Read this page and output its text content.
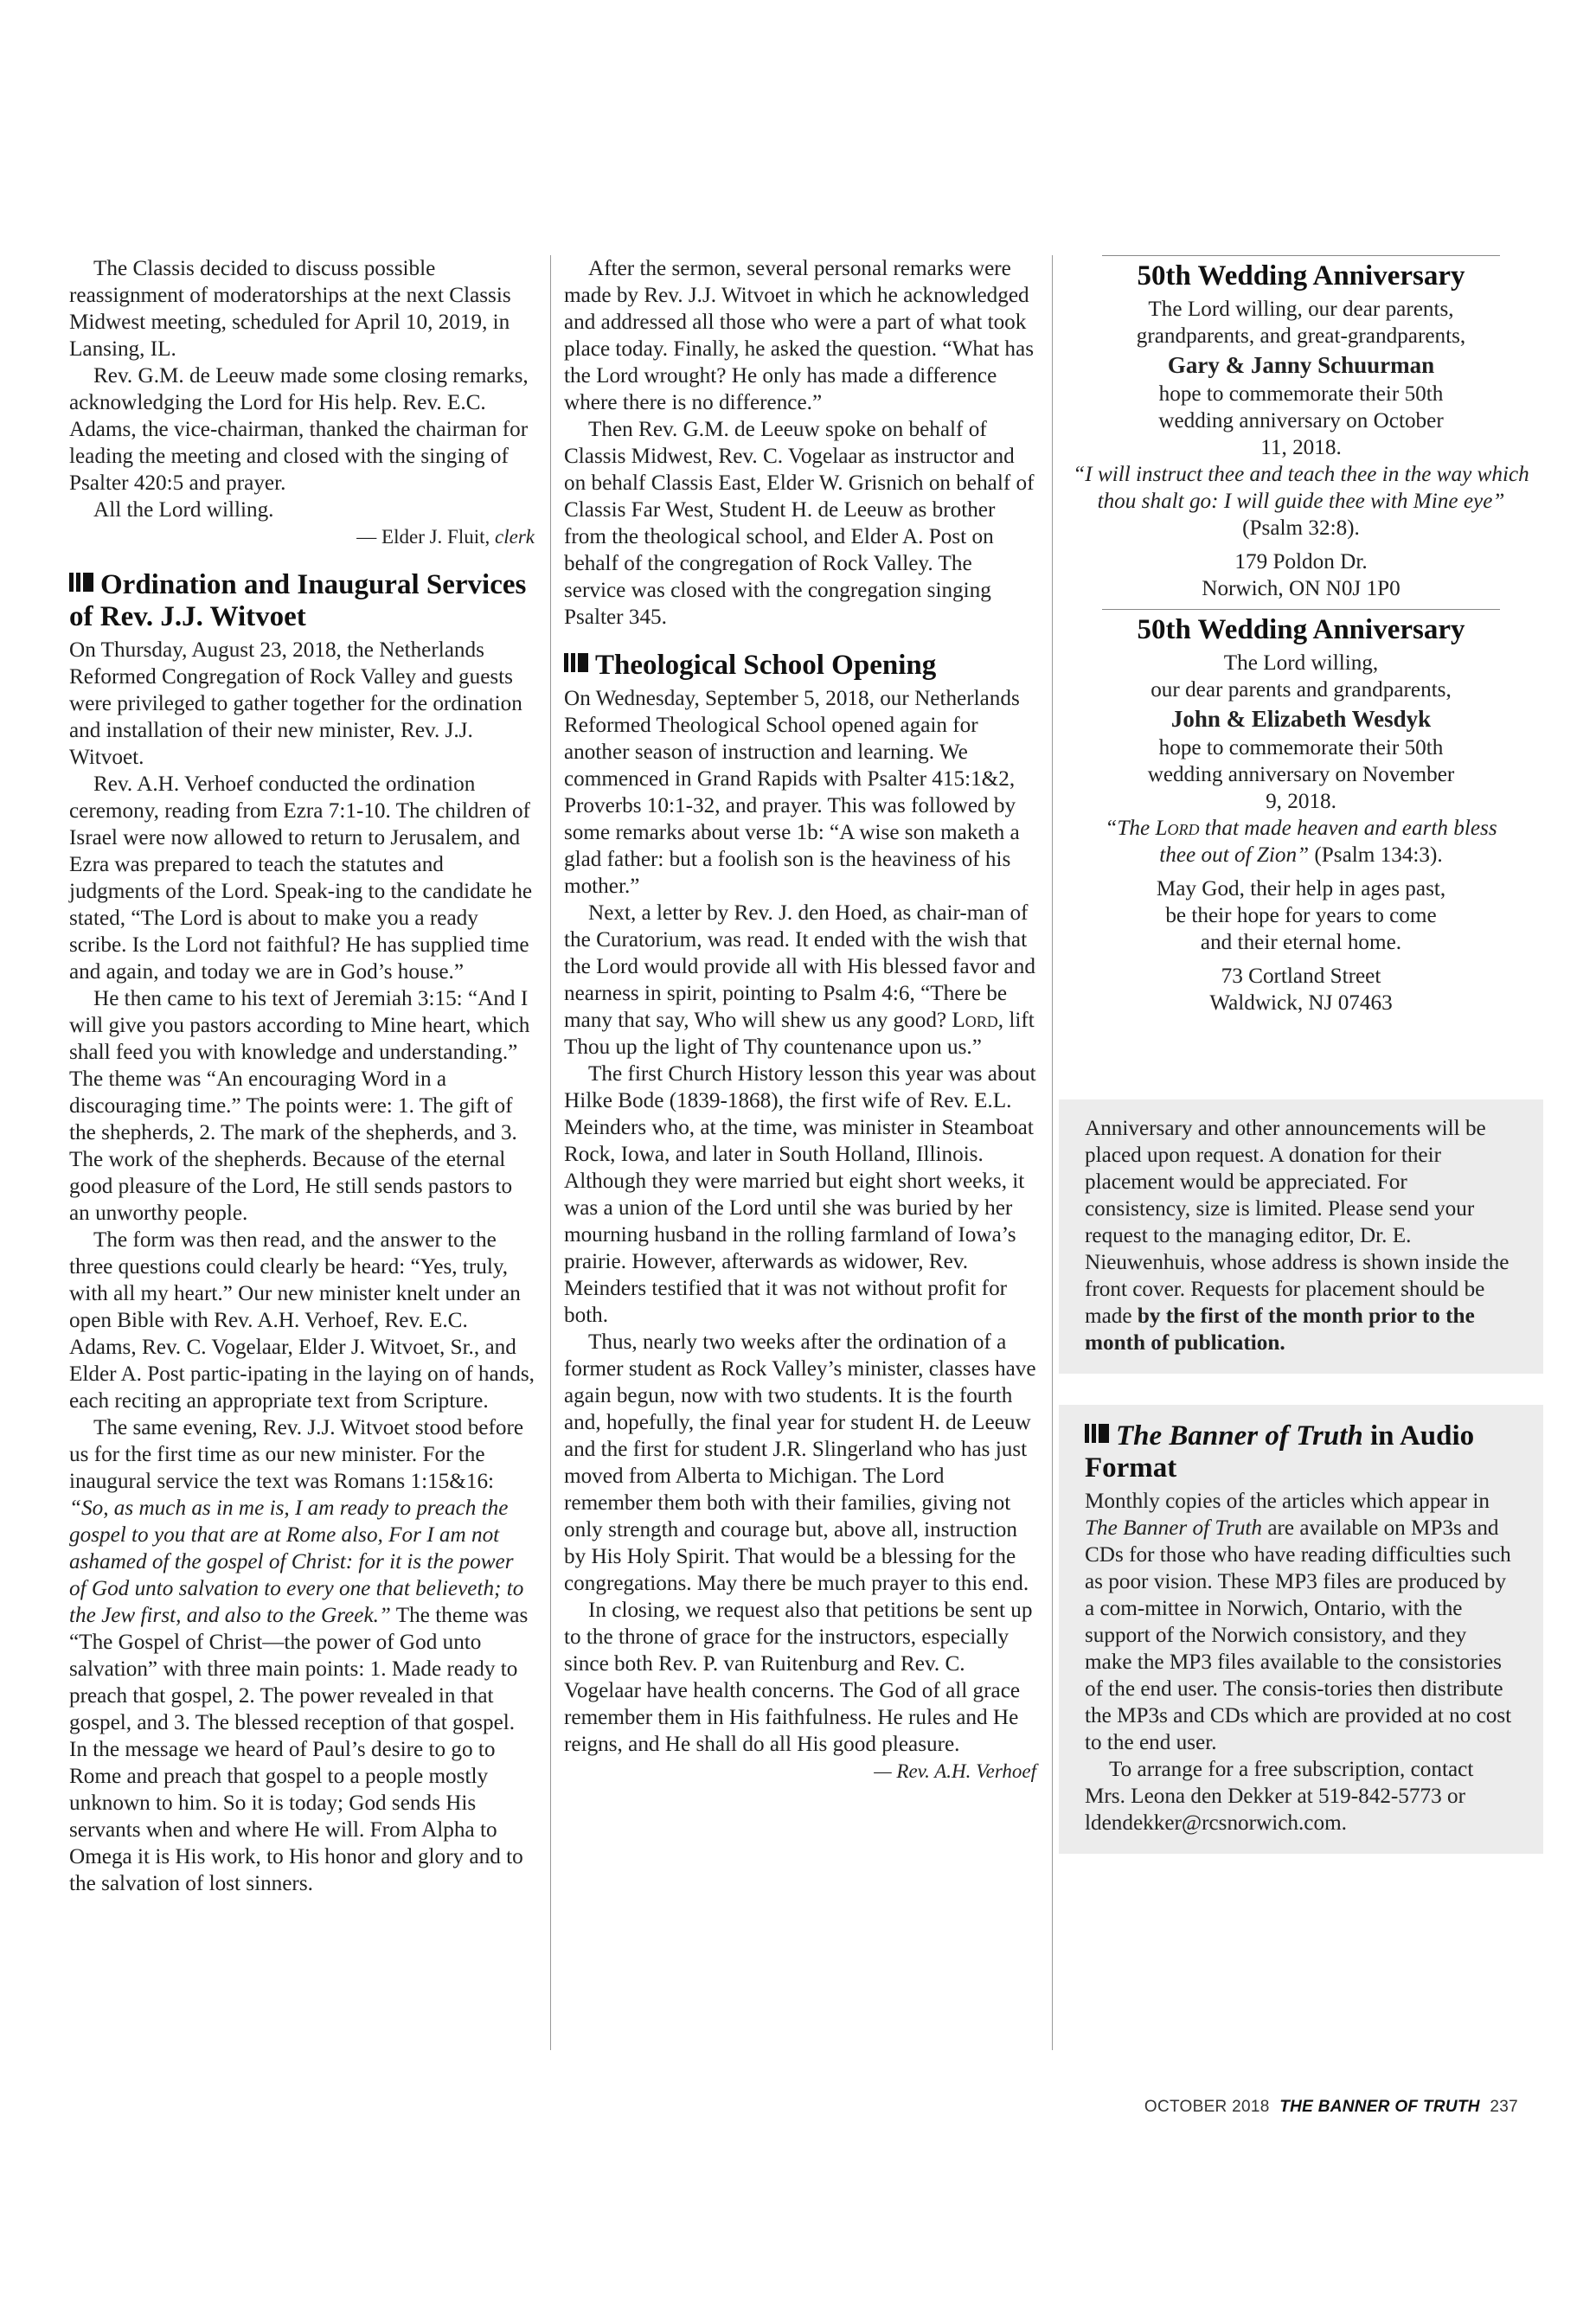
The Classis decided to discuss possible reassignment of moderatorships at the next Classis Midwest meeting, scheduled for April 10, 2019, in Lansing, IL.

Rev. G.M. de Leeuw made some closing remarks, acknowledging the Lord for His help. Rev. E.C. Adams, the vice-chairman, thanked the chairman for leading the meeting and closed with the singing of Psalter 420:5 and prayer.

All the Lord willing.

— Elder J. Fluit, clerk

Ordination and Inaugural Services of Rev. J.J. Witvoet

On Thursday, August 23, 2018, the Netherlands Reformed Congregation of Rock Valley and guests were privileged to gather together for the ordination and installation of their new minister, Rev. J.J. Witvoet.

Rev. A.H. Verhoef conducted the ordination ceremony, reading from Ezra 7:1-10. The children of Israel were now allowed to return to Jerusalem, and Ezra was prepared to teach the statutes and judgments of the Lord. Speak-ing to the candidate he stated, “The Lord is about to make you a ready scribe. Is the Lord not faithful? He has supplied time and again, and today we are in God’s house.”

He then came to his text of Jeremiah 3:15: “And I will give you pastors according to Mine heart, which shall feed you with knowledge and understanding.” The theme was “An encouraging Word in a discouraging time.” The points were: 1. The gift of the shepherds, 2. The mark of the shepherds, and 3. The work of the shepherds. Because of the eternal good pleasure of the Lord, He still sends pastors to an unworthy people.

The form was then read, and the answer to the three questions could clearly be heard: “Yes, truly, with all my heart.” Our new minister knelt under an open Bible with Rev. A.H. Verhoef, Rev. E.C. Adams, Rev. C. Vogelaar, Elder J. Witvoet, Sr., and Elder A. Post partic-ipating in the laying on of hands, each reciting an appropriate text from Scripture.

The same evening, Rev. J.J. Witvoet stood before us for the first time as our new minister. For the inaugural service the text was Romans 1:15&16: “So, as much as in me is, I am ready to preach the gospel to you that are at Rome also, For I am not ashamed of the gospel of Christ: for it is the power of God unto salvation to every one that believeth; to the Jew first, and also to the Greek.” The theme was “The Gospel of Christ—the power of God unto salvation” with three main points: 1. Made ready to preach that gospel, 2. The power revealed in that gospel, and 3. The blessed reception of that gospel. In the message we heard of Paul’s desire to go to Rome and preach that gospel to a people mostly unknown to him. So it is today; God sends His servants when and where He will. From Alpha to Omega it is His work, to His honor and glory and to the salvation of lost sinners.

After the sermon, several personal remarks were made by Rev. J.J. Witvoet in which he acknowledged and addressed all those who were a part of what took place today. Finally, he asked the question. “What has the Lord wrought? He only has made a difference where there is no difference.”

Then Rev. G.M. de Leeuw spoke on behalf of Classis Midwest, Rev. C. Vogelaar as instructor and on behalf Classis East, Elder W. Grisnich on behalf of Classis Far West, Student H. de Leeuw as brother from the theological school, and Elder A. Post on behalf of the congregation of Rock Valley. The service was closed with the congregation singing Psalter 345.

Theological School Opening

On Wednesday, September 5, 2018, our Netherlands Reformed Theological School opened again for another season of instruction and learning. We commenced in Grand Rapids with Psalter 415:1&2, Proverbs 10:1-32, and prayer. This was followed by some remarks about verse 1b: “A wise son maketh a glad father: but a foolish son is the heaviness of his mother.”

Next, a letter by Rev. J. den Hoed, as chair-man of the Curatorium, was read. It ended with the wish that the Lord would provide all with His blessed favor and nearness in spirit, pointing to Psalm 4:6, “There be many that say, Who will shew us any good? Lord, lift Thou up the light of Thy countenance upon us.”

The first Church History lesson this year was about Hilke Bode (1839-1868), the first wife of Rev. E.L. Meinders who, at the time, was minister in Steamboat Rock, Iowa, and later in South Holland, Illinois. Although they were married but eight short weeks, it was a union of the Lord until she was buried by her mourning husband in the rolling farmland of Iowa’s prairie. However, afterwards as widower, Rev. Meinders testified that it was not without profit for both.

Thus, nearly two weeks after the ordination of a former student as Rock Valley’s minister, classes have again begun, now with two students. It is the fourth and, hopefully, the final year for student H. de Leeuw and the first for student J.R. Slingerland who has just moved from Alberta to Michigan. The Lord remember them both with their families, giving not only strength and courage but, above all, instruction by His Holy Spirit. That would be a blessing for the congregations. May there be much prayer to this end.

In closing, we request also that petitions be sent up to the throne of grace for the instructors, especially since both Rev. P. van Ruitenburg and Rev. C. Vogelaar have health concerns. The God of all grace remember them in His faithfulness. He rules and He reigns, and He shall do all His good pleasure.

— Rev. A.H. Verhoef

50th Wedding Anniversary

The Lord willing, our dear parents, grandparents, and great-grandparents,

Gary & Janny Schuurman

hope to commemorate their 50th wedding anniversary on October 11, 2018.

“I will instruct thee and teach thee in the way which thou shalt go: I will guide thee with Mine eye” (Psalm 32:8).

179 Poldon Dr.

Norwich, ON N0J 1P0

50th Wedding Anniversary

The Lord willing,

our dear parents and grandparents,

John & Elizabeth Wesdyk

hope to commemorate their 50th wedding anniversary on November 9, 2018.

“The Lord that made heaven and earth bless thee out of Zion” (Psalm 134:3).

May God, their help in ages past,

be their hope for years to come

and their eternal home.

73 Cortland Street

Waldwick, NJ 07463

Anniversary and other announcements will be placed upon request. A donation for their placement would be appreciated. For consistency, size is limited. Please send your request to the managing editor, Dr. E. Nieuwenhuis, whose address is shown inside the front cover. Requests for placement should be made by the first of the month prior to the month of publication.

The Banner of Truth in Audio Format

Monthly copies of the articles which appear in The Banner of Truth are available on MP3s and CDs for those who have reading difficulties such as poor vision. These MP3 files are produced by a com-mittee in Norwich, Ontario, with the support of the Norwich consistory, and they make the MP3 files available to the consistories of the end user. The consis-tories then distribute the MP3s and CDs which are provided at no cost to the end user.

To arrange for a free subscription, contact Mrs. Leona den Dekker at 519-842-5773 or ldendekker@rcsnorwich.com.

OCTOBER 2018 THE BANNER OF TRUTH 237
